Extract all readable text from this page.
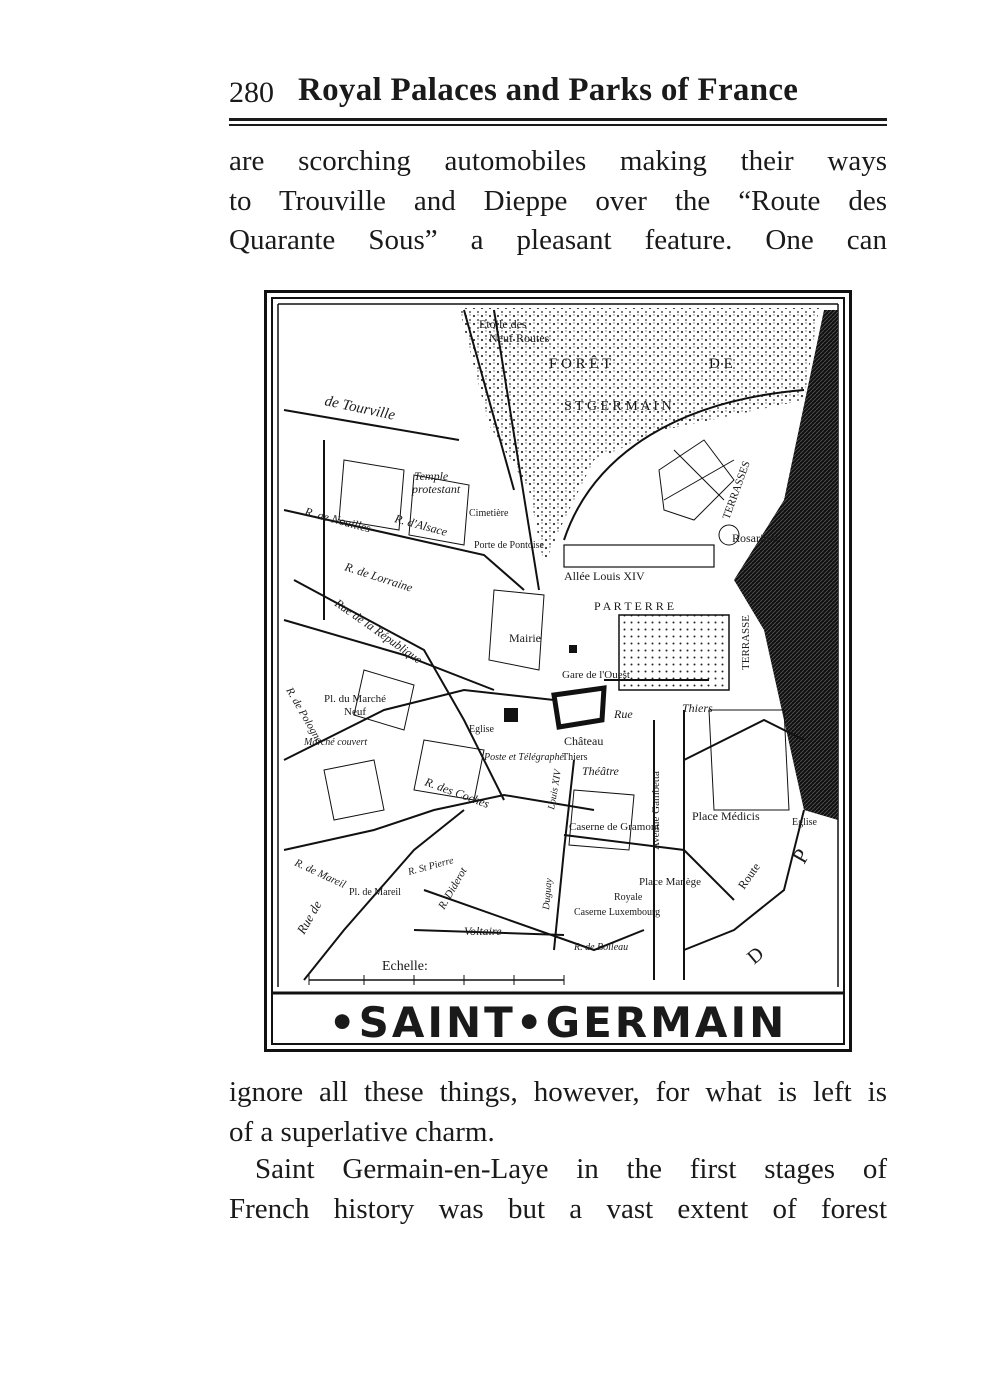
280 Royal Palaces and Parks of France

are scorching automobiles making their ways
to Trouville and Dieppe over the “Route des
Quarante Sous” a pleasant feature. One can

Echelle:
Etoile des
Neuf Routes
F O R Ê T	D E
S T G E R M A I N
de Tourville
Temple
protestant
Cimetière
R. de Noailles R. d'Alsace
Porte de Pontoise
R. de Lorraine
Rue de la République
Rosarium
Allée Louis XIV
P A R T E R R E
TERRASSE
Mairie
Gare de l'Ouest
Rue	Thiers
Château
Eglise
Pl. du Marché
Neuf
Marché couvert
Poste et Télégraphe
Thiers
Théâtre
R. des Coches
R. de Pologne
Caserne de Gramont
Place Médicis
Avenue Gambetta
R. de Mareil
Voltaire
Place Manège
Royale
Caserne Luxembourg
R. de Boileau
Route
Pl. de Mareil
R. St Pierre
R. Diderot
Rue de
Louis XIV
Duguay
TERRASSES
Eglise
P
D
•SAINT•GERMAIN

ignore all these things, however, for what is left is
of a superlative charm.

Saint Germain-en-Laye in the first stages of
French history was but a vast extent of forest
